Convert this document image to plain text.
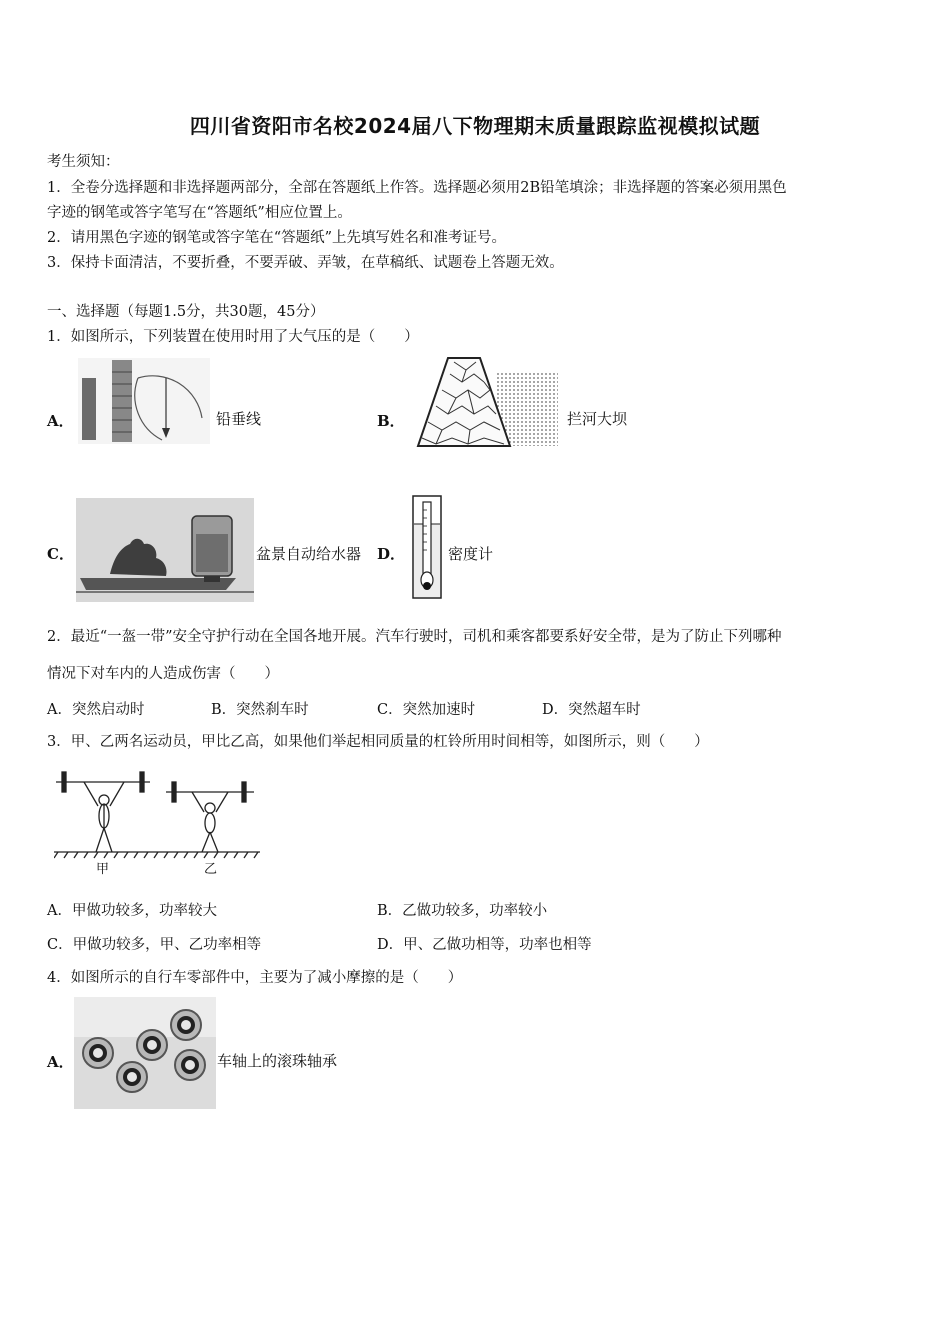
四川省资阳市名校2024届八下物理期末质量跟踪监视模拟试题
考生须知：
1．全卷分选择题和非选择题两部分，全部在答题纸上作答。选择题必须用2B铅笔填涂；非选择题的答案必须用黑色
字迹的钢笔或答字笔写在“答题纸”相应位置上。
2．请用黑色字迹的钢笔或答字笔在“答题纸”上先填写姓名和准考证号。
3．保持卡面清洁，不要折叠，不要弄破、弄皱，在草稿纸、试题卷上答题无效。
一、选择题（每题1.5分，共30题，45分）
1．如图所示，下列装置在使用时用了大气压的是（　　）
A．	铅垂线	B．	拦河大坝
C．	盆景自动给水器 D．	密度计
2．最近“一盔一带”安全守护行动在全国各地开展。汽车行驶时，司机和乘客都要系好安全带，是为了防止下列哪种
情况下对车内的人造成伤害（　　）
A．突然启动时	B．突然刹车时	C．突然加速时	D．突然超车时
3．甲、乙两名运动员，甲比乙高，如果他们举起相同质量的杠铃所用时间相等，如图所示，则（　　）
甲	乙
A．甲做功较多，功率较大	B．乙做功较多，功率较小
C．甲做功较多，甲、乙功率相等	D．甲、乙做功相等，功率也相等
4．如图所示的自行车零部件中，主要为了减小摩擦的是（　　）
A．	车轴上的滚珠轴承
